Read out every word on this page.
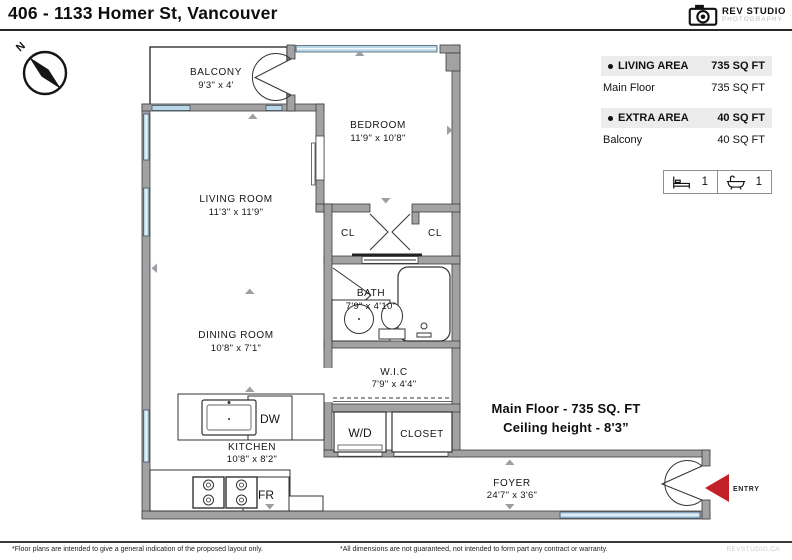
406 - 1133 Homer St, Vancouver	REV STUDIO
PHOTOGRAPHY
N
BALCONY
9'3" x 4'
BEDROOM
11'9" x 10'8"
LIVING ROOM
11'3" x 11'9"
CL	CL
BATH
7'9" x 4'10"
DINING ROOM
10'8" x 7'1"
W.I.C
7'9" x 4'4"
W/D	CLOSET
KITCHEN
10'8" x 8'2"
DW
FR
FOYER
24'7" x 3'6"
Main Floor - 735 SQ. FT
Ceiling height - 8'3”
ENTRY
LIVING AREA 735 SQ FT
Main Floor	735 SQ FT
EXTRA AREA	40 SQ FT
Balcony	40 SQ FT
1	1
*Floor plans are intended to give a general indication of the proposed layout only.	*All dimensions are not guaranteed, not intended to form part any contract or warranty.	REVSTUDIO.CA
